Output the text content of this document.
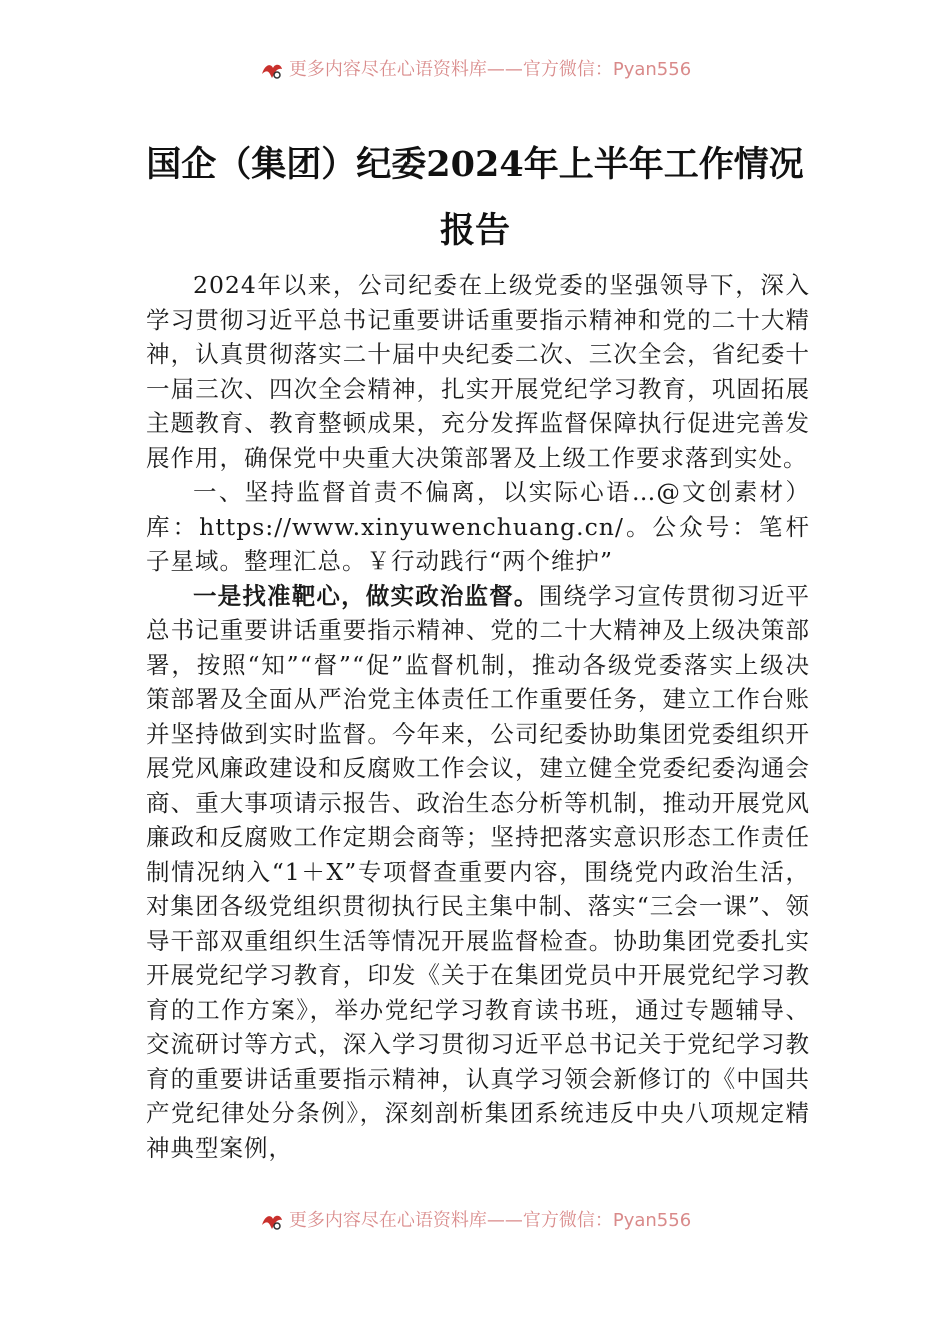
更多内容尽在心语资料库——官方微信：Pyan556
国企（集团）纪委2024年上半年工作情况
报告

2024年以来，公司纪委在上级党委的坚强领导下，深入学习贯彻习近平总书记重要讲话重要指示精神和党的二十大精神，认真贯彻落实二十届中央纪委二次、三次全会，省纪委十一届三次、四次全会精神，扎实开展党纪学习教育，巩固拓展主题教育、教育整顿成果，充分发挥监督保障执行促进完善发展作用，确保党中央重大决策部署及上级工作要求落到实处。

一、坚持监督首责不偏离，以实际心语…@文创素材）库：https://www.xinyuwenchuang.cn/。公众号：笔杆子星域。整理汇总。￥行动践行“两个维护”

一是找准靶心，做实政治监督。围绕学习宣传贯彻习近平总书记重要讲话重要指示精神、党的二十大精神及上级决策部署，按照“知”“督”“促”监督机制，推动各级党委落实上级决策部署及全面从严治党主体责任工作重要任务，建立工作台账并坚持做到实时监督。今年来，公司纪委协助集团党委组织开展党风廉政建设和反腐败工作会议，建立健全党委纪委沟通会商、重大事项请示报告、政治生态分析等机制，推动开展党风廉政和反腐败工作定期会商等；坚持把落实意识形态工作责任制情况纳入“1＋X”专项督查重要内容，围绕党内政治生活，对集团各级党组织贯彻执行民主集中制、落实“三会一课”、领导干部双重组织生活等情况开展监督检查。协助集团党委扎实开展党纪学习教育，印发《关于在集团党员中开展党纪学习教育的工作方案》，举办党纪学习教育读书班，通过专题辅导、交流研讨等方式，深入学习贯彻习近平总书记关于党纪学习教育的重要讲话重要指示精神，认真学习领会新修订的《中国共产党纪律处分条例》，深刻剖析集团系统违反中央八项规定精神典型案例，

更多内容尽在心语资料库——官方微信：Pyan556
